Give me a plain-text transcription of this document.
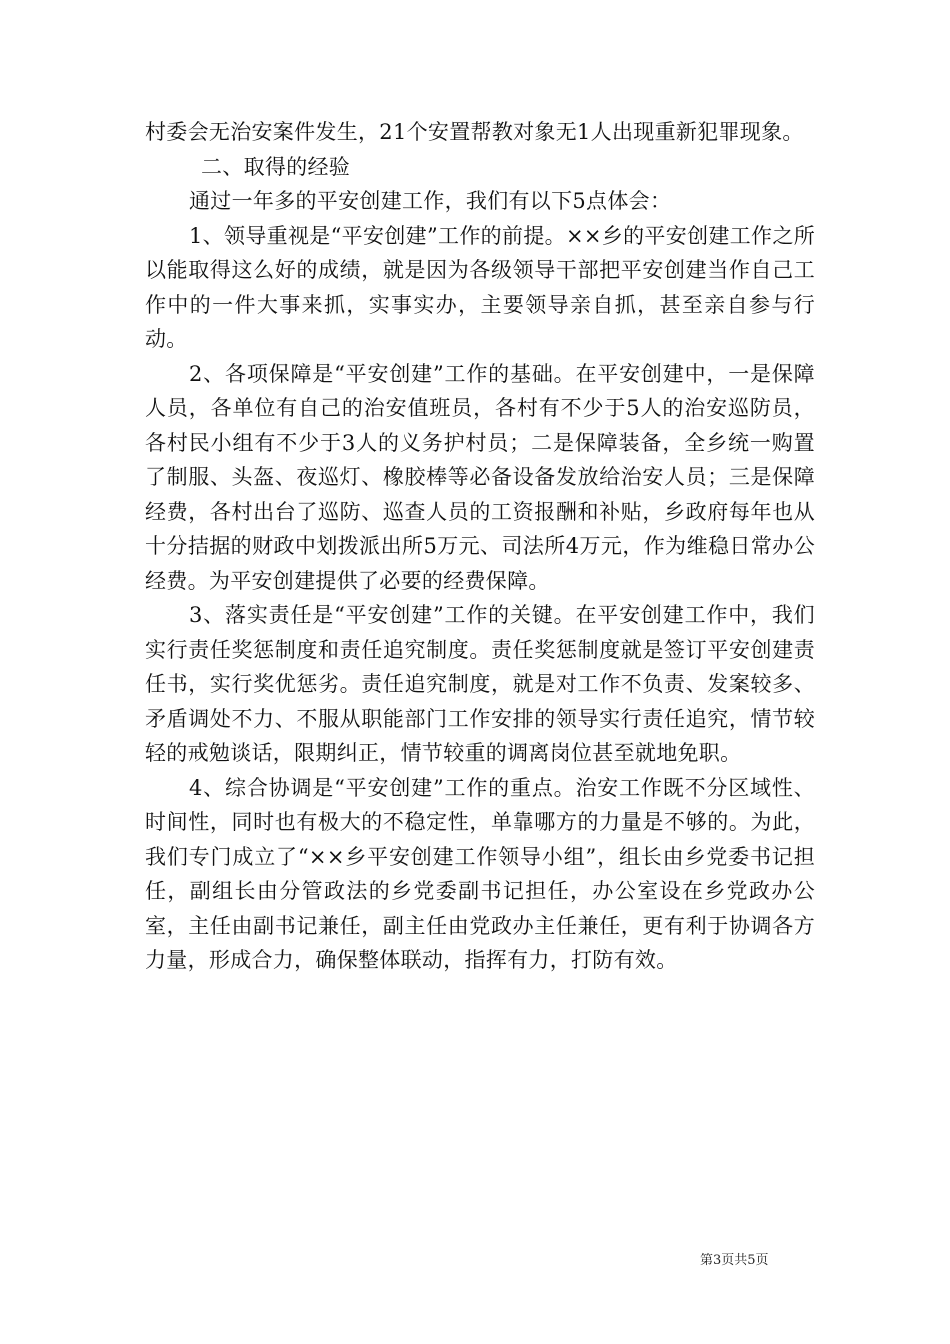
村委会无治安案件发生，21个安置帮教对象无1人出现重新犯罪现象。

二、取得的经验

通过一年多的平安创建工作，我们有以下5点体会：

1、领导重视是“平安创建”工作的前提。××乡的平安创建工作之所以能取得这么好的成绩，就是因为各级领导干部把平安创建当作自己工作中的一件大事来抓，实事实办，主要领导亲自抓，甚至亲自参与行动。

2、各项保障是“平安创建”工作的基础。在平安创建中，一是保障人员，各单位有自己的治安值班员，各村有不少于5人的治安巡防员，各村民小组有不少于3人的义务护村员；二是保障装备，全乡统一购置了制服、头盔、夜巡灯、橡胶棒等必备设备发放给治安人员；三是保障经费，各村出台了巡防、巡查人员的工资报酬和补贴，乡政府每年也从十分拮据的财政中划拨派出所5万元、司法所4万元，作为维稳日常办公经费。为平安创建提供了必要的经费保障。

3、落实责任是“平安创建”工作的关键。在平安创建工作中，我们实行责任奖惩制度和责任追究制度。责任奖惩制度就是签订平安创建责任书，实行奖优惩劣。责任追究制度，就是对工作不负责、发案较多、矛盾调处不力、不服从职能部门工作安排的领导实行责任追究，情节较轻的戒勉谈话，限期纠正，情节较重的调离岗位甚至就地免职。

4、综合协调是“平安创建”工作的重点。治安工作既不分区域性、时间性，同时也有极大的不稳定性，单靠哪方的力量是不够的。为此，我们专门成立了“××乡平安创建工作领导小组”，组长由乡党委书记担任，副组长由分管政法的乡党委副书记担任，办公室设在乡党政办公室，主任由副书记兼任，副主任由党政办主任兼任，更有利于协调各方力量，形成合力，确保整体联动，指挥有力，打防有效。

第3页共5页
